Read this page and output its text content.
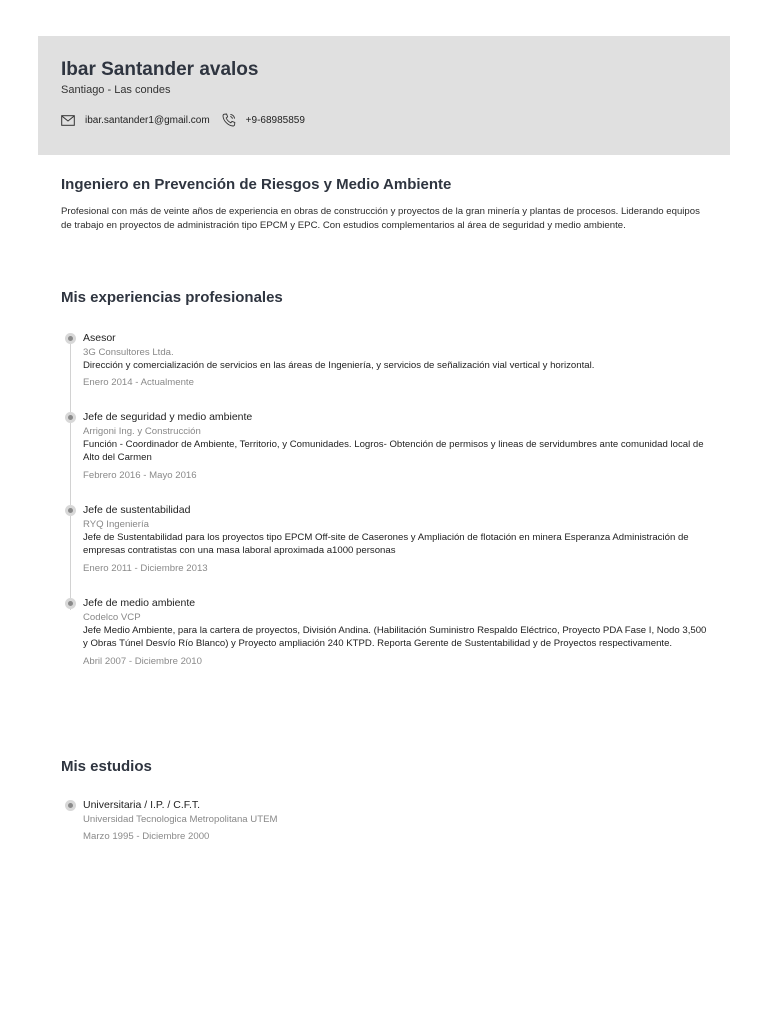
Ibar Santander avalos
Santiago - Las condes
ibar.santander1@gmail.com	+9-68985859
Ingeniero en Prevención de Riesgos y Medio Ambiente
Profesional con más de veinte años de experiencia en obras de construcción y proyectos de la gran minería y plantas de procesos. Liderando equipos de trabajo en proyectos de administración tipo EPCM y EPC. Con estudios complementarios al área de seguridad y medio ambiente.
Mis experiencias profesionales
Asesor
3G Consultores Ltda.
Dirección y comercialización de servicios en las áreas de Ingeniería, y servicios de señalización vial vertical y horizontal.
Enero 2014 - Actualmente
Jefe de seguridad y medio ambiente
Arrigoni Ing. y Construcción
Función - Coordinador de Ambiente, Territorio, y Comunidades. Logros- Obtención de permisos y lineas de servidumbres ante comunidad local de Alto del Carmen
Febrero 2016 - Mayo 2016
Jefe de sustentabilidad
RYQ Ingeniería
Jefe de Sustentabilidad para los proyectos tipo EPCM Off-site de Caserones y Ampliación de flotación en minera Esperanza Administración de empresas contratistas con una masa laboral aproximada a1000 personas
Enero 2011 - Diciembre 2013
Jefe de medio ambiente
Codelco VCP
Jefe Medio Ambiente, para la cartera de proyectos, División Andina. (Habilitación Suministro Respaldo Eléctrico, Proyecto PDA Fase I, Nodo 3,500 y Obras Túnel Desvío Río Blanco) y Proyecto ampliación 240 KTPD. Reporta Gerente de Sustentabilidad y de Proyectos respectivamente.
Abril 2007 - Diciembre 2010
Mis estudios
Universitaria / I.P. / C.F.T.
Universidad Tecnologica Metropolitana UTEM
Marzo 1995 - Diciembre 2000
